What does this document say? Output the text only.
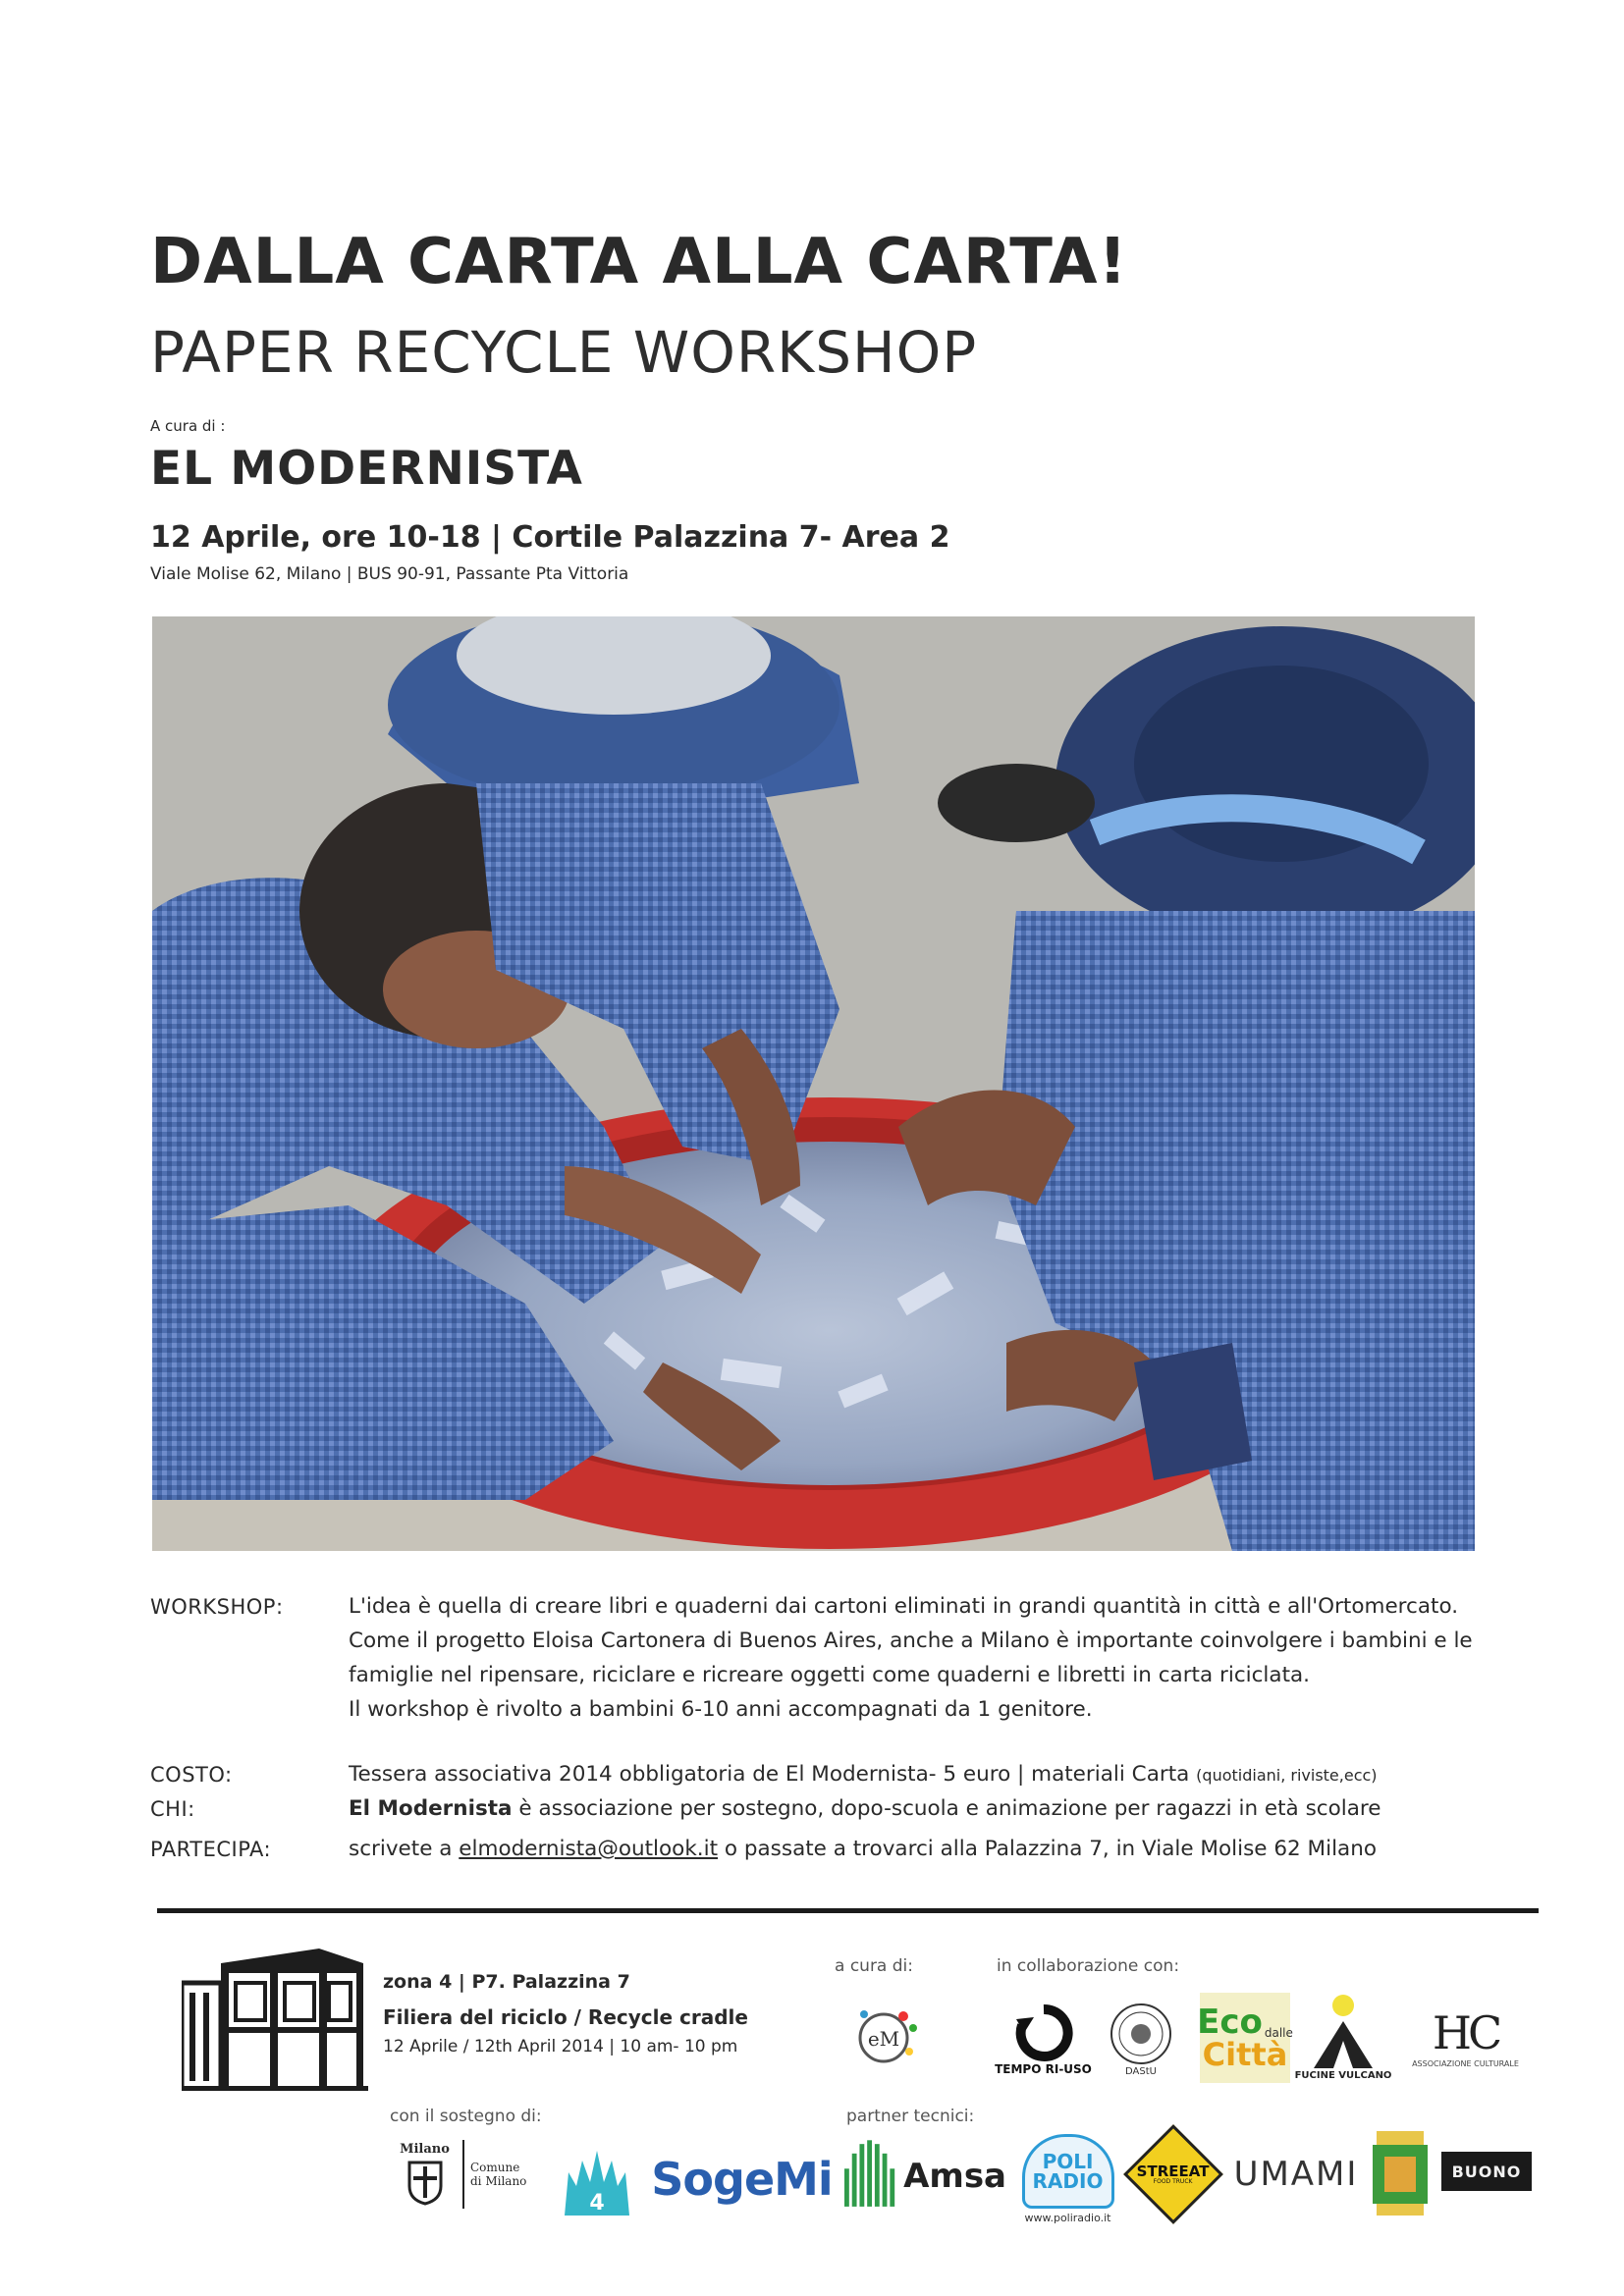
DALLA CARTA ALLA CARTA!
PAPER RECYCLE WORKSHOP
A cura di :
EL MODERNISTA
12 Aprile, ore 10-18 | Cortile Palazzina 7- Area 2
Viale Molise 62, Milano | BUS 90-91, Passante Pta Vittoria
WORKSHOP:	L'idea è quella di creare libri e quaderni dai cartoni eliminati in grandi quantità in città e all'Ortomercato.
Come il progetto Eloisa Cartonera di Buenos Aires, anche a Milano è importante coinvolgere i bambini e le
famiglie nel ripensare, riciclare e ricreare oggetti come quaderni e libretti in carta riciclata.
Il workshop è rivolto a bambini 6-10 anni accompagnati da 1 genitore.
COSTO:	Tessera associativa 2014 obbligatoria de El Modernista- 5 euro | materiali Carta (quotidiani, riviste,ecc)
CHI:	El Modernista è associazione per sostegno, dopo-scuola e animazione per ragazzi in età scolare
PARTECIPA:	scrivete a elmodernista@outlook.it o passate a trovarci alla Palazzina 7, in Viale Molise 62 Milano
zona 4 | P7. Palazzina 7
Filiera del riciclo / Recycle cradle
12 Aprile / 12th April 2014 | 10 am- 10 pm
a cura di:	in collaborazione con:
con il sostegno di:	partner tecnici:
eM
TEMPO RI-USO	DAStU
Eco dalle
Città
FUCINE VULCANO
HC
ASSOCIAZIONE CULTURALE
Milano
Comune di Milano
4 SogeMi Amsa POLI
RADIO
www.poliradio.it
STREEAT
FOOD TRUCK UMAMI	BUONO
